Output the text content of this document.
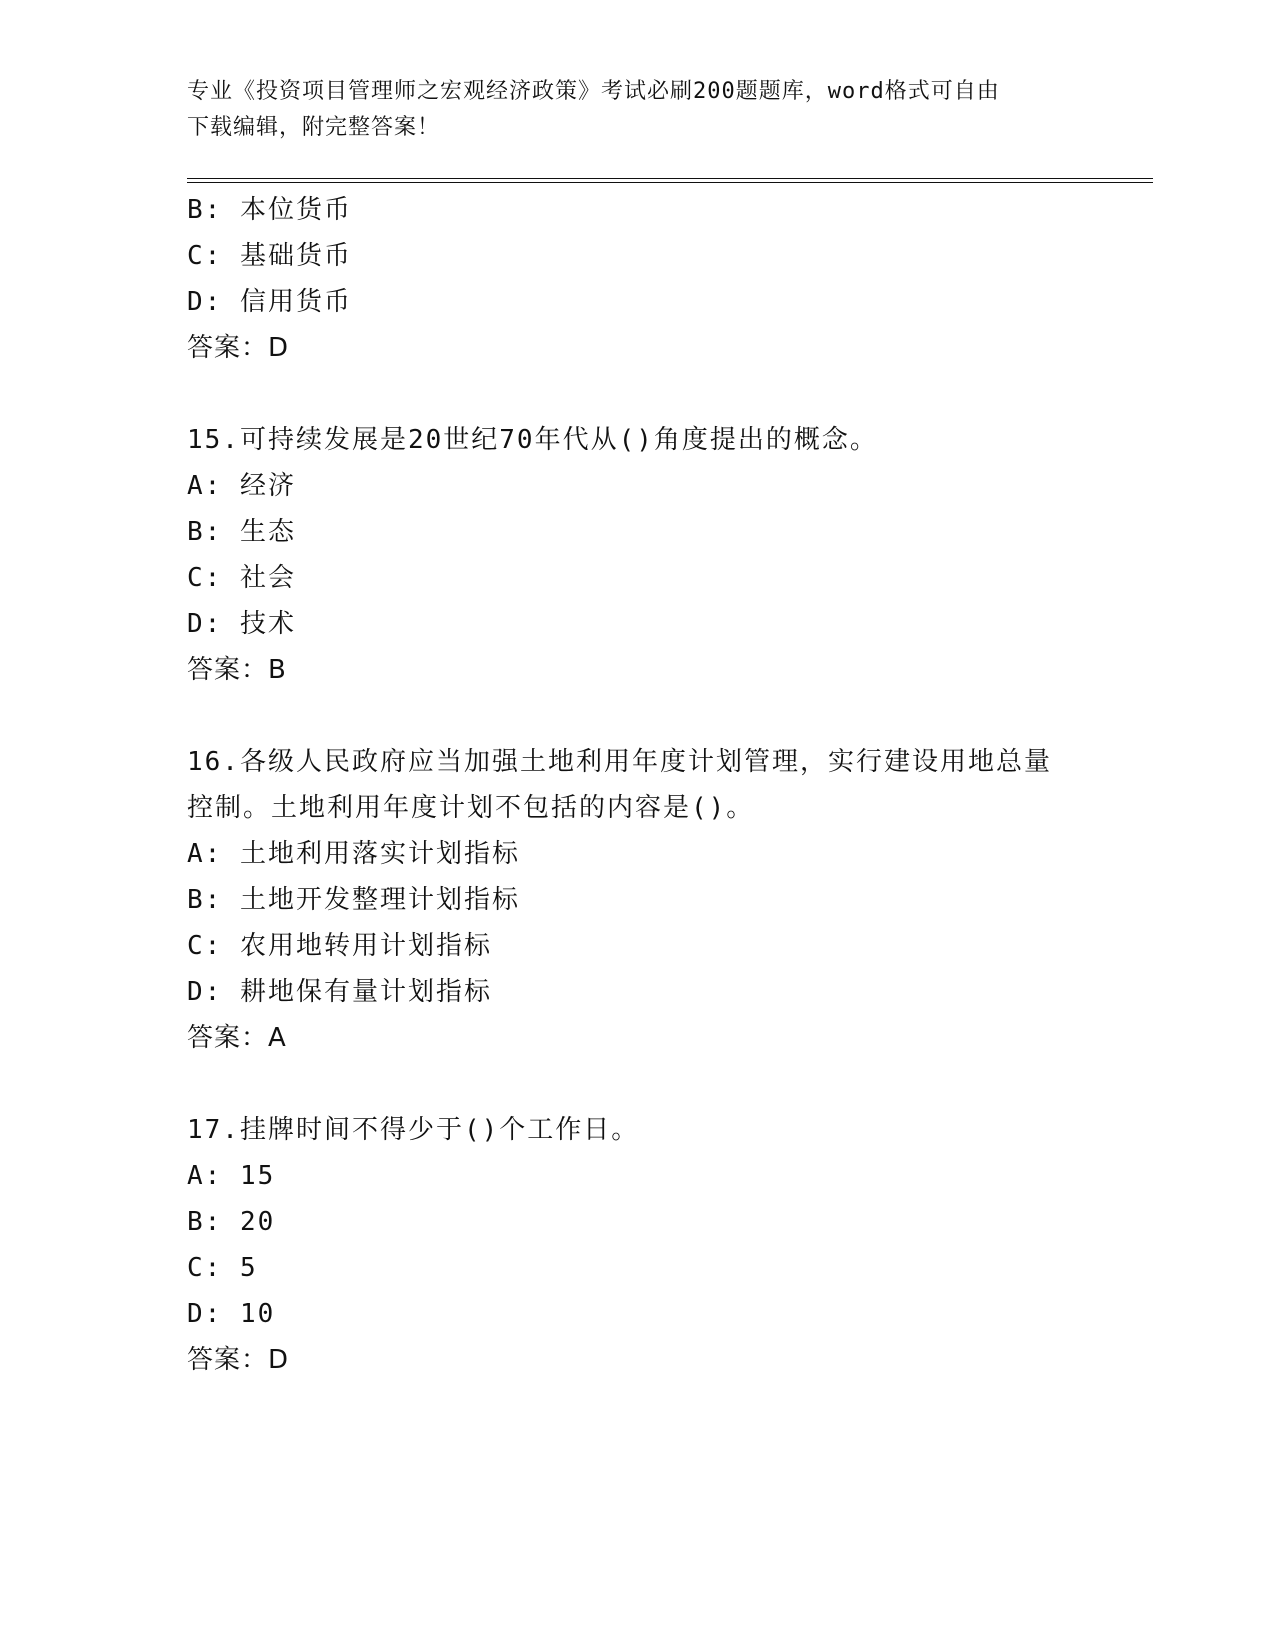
专业《投资项目管理师之宏观经济政策》考试必刷200题题库，word格式可自由
下载编辑，附完整答案！
B: 本位货币
C: 基础货币
D: 信用货币
答案：D
15.可持续发展是20世纪70年代从()角度提出的概念。
A: 经济
B: 生态
C: 社会
D: 技术
答案：B
16.各级人民政府应当加强土地利用年度计划管理，实行建设用地总量
控制。土地利用年度计划不包括的内容是()。
A: 土地利用落实计划指标
B: 土地开发整理计划指标
C: 农用地转用计划指标
D: 耕地保有量计划指标
答案：A
17.挂牌时间不得少于()个工作日。
A: 15
B: 20
C: 5
D: 10
答案：D
